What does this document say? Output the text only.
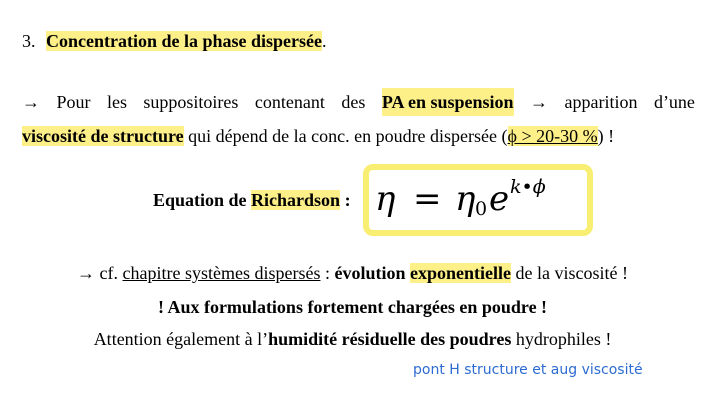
3. Concentration de la phase dispersée.
→ Pour les suppositoires contenant des PA en suspension → apparition d’une
viscosité de structure qui dépend de la conc. en poudre dispersée (ϕ > 20-30 %) !
Equation de Richardson : η = η 0 e k•ϕ
→ cf. chapitre systèmes dispersés : évolution exponentielle de la viscosité !
! Aux formulations fortement chargées en poudre !
Attention également à l’humidité résiduelle des poudres hydrophiles !
pont H structure et aug viscosité
